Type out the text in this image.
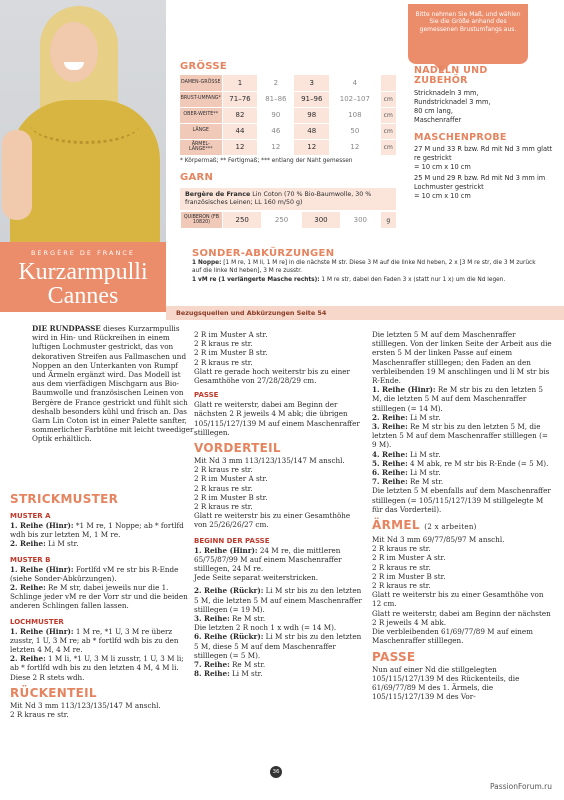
BERGÈRE DE FRANCE
Kurzarmpulli
Cannes
Bitte nehmen Sie Maß, und wählen Sie die Größe anhand des gemessenen Brustumfangs aus.
GRÖSSE
DAMEN-GRÖSSE	1	2	3	4	
BRUST-UMFANG*	71–76	81–86	91–96	102–107	cm
OBER-WEITE**	82	90	98	108	cm
LÄNGE	44	46	48	50	cm
ÄRMEL-LÄNGE***	12	12	12	12	cm
* Körpermaß; ** Fertigmaß; *** entlang der Naht gemessen
GARN
Bergère de France Lin Coton (70 % Bio-Baumwolle, 30 % französisches Leinen; LL 160 m/50 g)
QUIBERON (FB 10820)	250	250	300	300	g
NADELN UND ZUBEHÖR

Stricknadeln 3 mm, Rundstricknadel 3 mm, 80 cm lang, Maschenraffer

MASCHENPROBE

27 M und 33 R bzw. Rd mit Nd 3 mm glatt re gestrickt

= 10 cm x 10 cm

25 M und 29 R bzw. Rd mit Nd 3 mm im Lochmuster gestrickt

= 10 cm x 10 cm

SONDER-ABKÜRZUNGEN

1 Noppe: [1 M re, 1 M li, 1 M re] in die nächste M str. Diese 3 M auf die linke Nd heben, 2 x [3 M re str, die 3 M zurück auf die linke Nd heben], 3 M re zusstr.

1 vM re (1 verlängerte Masche rechts): 1 M re str, dabei den Faden 3 x (statt nur 1 x) um die Nd legen.

Bezugsquellen und Abkürzungen Seite 54
DIE RUNDPASSE dieses Kurzarmpullis wird in Hin- und Rückreihen in einem luftigen Lochmuster gestrickt, das von dekorativen Streifen aus Fallmaschen und Noppen an den Unterkanten von Rumpf und Ärmeln ergänzt wird. Das Modell ist aus dem vierfädigen Mischgarn aus Bio-Baumwolle und französischen Leinen von Bergère de France gestrickt und fühlt sich deshalb besonders kühl und frisch an. Das Garn Lin Coton ist in einer Palette sanfter, sommerlicher Farbtöne mit leicht tweediger Optik erhältlich.
STRICKMUSTER
MUSTER A

1. Reihe (Hinr): *1 M re, 1 Noppe; ab * fortlfd wdh bis zur letzten M, 1 M re.

2. Reihe: Li M str.

MUSTER B

1. Reihe (Hinr): Fortlfd vM re str bis R-Ende (siehe Sonder-Abkürzungen).

2. Reihe: Re M str, dabei jeweils nur die 1. Schlinge jeder vM re der Vorr str und die beiden anderen Schlingen fallen lassen.

LOCHMUSTER

1. Reihe (Hinr): 1 M re, *1 U, 3 M re überz zusstr, 1 U, 3 M re; ab * fortlfd wdh bis zu den letzten 4 M, 4 M re.

2. Reihe: 1 M li, *1 U, 3 M li zusstr, 1 U, 3 M li; ab * fortlfd wdh bis zu den letzten 4 M, 4 M li. Diese 2 R stets wdh.

RÜCKENTEIL

Mit Nd 3 mm 113/123/135/147 M anschl.

2 R kraus re str.

2 R im Muster A str.

2 R kraus re str.

2 R im Muster B str.

2 R kraus re str.

Glatt re gerade hoch weiterstr bis zu einer Gesamthöhe von 27/28/28/29 cm.

PASSE

Glatt re weiterstr, dabei am Beginn der nächsten 2 R jeweils 4 M abk; die übrigen 105/115/127/139 M auf einem Maschenraffer stilllegen.

VORDERTEIL

Mit Nd 3 mm 113/123/135/147 M anschl.

2 R kraus re str.

2 R im Muster A str.

2 R kraus re str.

2 R im Muster B str.

2 R kraus re str.

Glatt re weiterstr bis zu einer Gesamthöhe von 25/26/26/27 cm.

BEGINN DER PASSE

1. Reihe (Hinr): 24 M re, die mittleren 65/75/87/99 M auf einem Maschenraffer stilllegen, 24 M re.

Jede Seite separat weiterstricken.

2. Reihe (Rückr): Li M str bis zu den letzten 5 M, die letzten 5 M auf einem Maschenraffer stilllegen (= 19 M).

3. Reihe: Re M str.

Die letzten 2 R noch 1 x wdh (= 14 M).

6. Reihe (Rückr): Li M str bis zu den letzten 5 M, diese 5 M auf dem Maschenraffer stilllegen (= 5 M).

7. Reihe: Re M str.

8. Reihe: Li M str.

Die letzten 5 M auf dem Maschenraffer stilllegen. Von der linken Seite der Arbeit aus die ersten 5 M der linken Passe auf einem Maschenraffer stilllegen; den Faden an den verbleibenden 19 M anschlingen und li M str bis R-Ende.

1. Reihe (Hinr): Re M str bis zu den letzten 5 M, die letzten 5 M auf dem Maschenraffer stilllegen (= 14 M).

2. Reihe: Li M str.

3. Reihe: Re M str bis zu den letzten 5 M, die letzten 5 M auf dem Maschenraffer stilllegen (= 9 M).

4. Reihe: Li M str.

5. Reihe: 4 M abk, re M str bis R-Ende (= 5 M).

6. Reihe: Li M str.

7. Reihe: Re M str.

Die letzten 5 M ebenfalls auf dem Maschenraffer stilllegen (= 105/115/127/139 M stillgelegte M für das Vorderteil).

ÄRMEL (2 x arbeiten)

Mit Nd 3 mm 69/77/85/97 M anschl.

2 R kraus re str.

2 R im Muster A str.

2 R kraus re str.

2 R im Muster B str.

2 R kraus re str.

Glatt re weiterstr bis zu einer Gesamthöhe von 12 cm.

Glatt re weiterstr, dabei am Beginn der nächsten 2 R jeweils 4 M abk.

Die verbleibenden 61/69/77/89 M auf einem Maschenraffer stilllegen.

PASSE

Nun auf einer Nd die stillgelegten 105/115/127/139 M des Rückenteils, die 61/69/77/89 M des 1. Ärmels, die 105/115/127/139 M des Vor-

36
PassionForum.ru
